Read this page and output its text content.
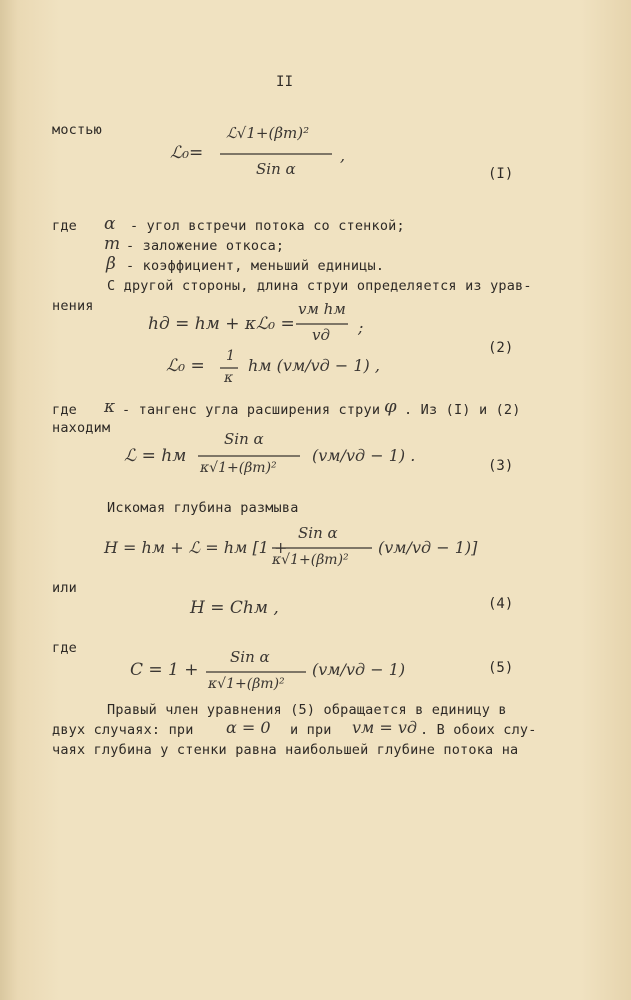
II
мостью
ℒ₀=
ℒ√1+(βm)²
Sin α
,
(I)
где α - угол встречи потока со стенкой;
m - заложение откоса;
β - коэффициент, меньший единицы.
С другой стороны, длина струи определяется из урав-
нения
hд = hм + κℒ₀ =
vм hм
vд ;
ℒ₀ = 1
κ
hм (vм/vд − 1) ,
(2)
где κ - тангенс угла расширения струи φ . Из (I) и (2)
находим
ℒ = hм
Sin α
κ√1+(βm)²
(vм/vд − 1) .
(3)
Искомая глубина размыва
H = hм + ℒ = hм [1 +
Sin α
κ√1+(βm)²
(vм/vд − 1)]
или
H = Chм ,	(4)
где
C = 1 +
Sin α
κ√1+(βm)²
(vм/vд − 1)	(5)
Правый член уравнения (5) обращается в единицу в
двух случаях: при α = 0 и при vм = vд . В обоих слу-
чаях глубина у стенки равна наибольшей глубине потока на
